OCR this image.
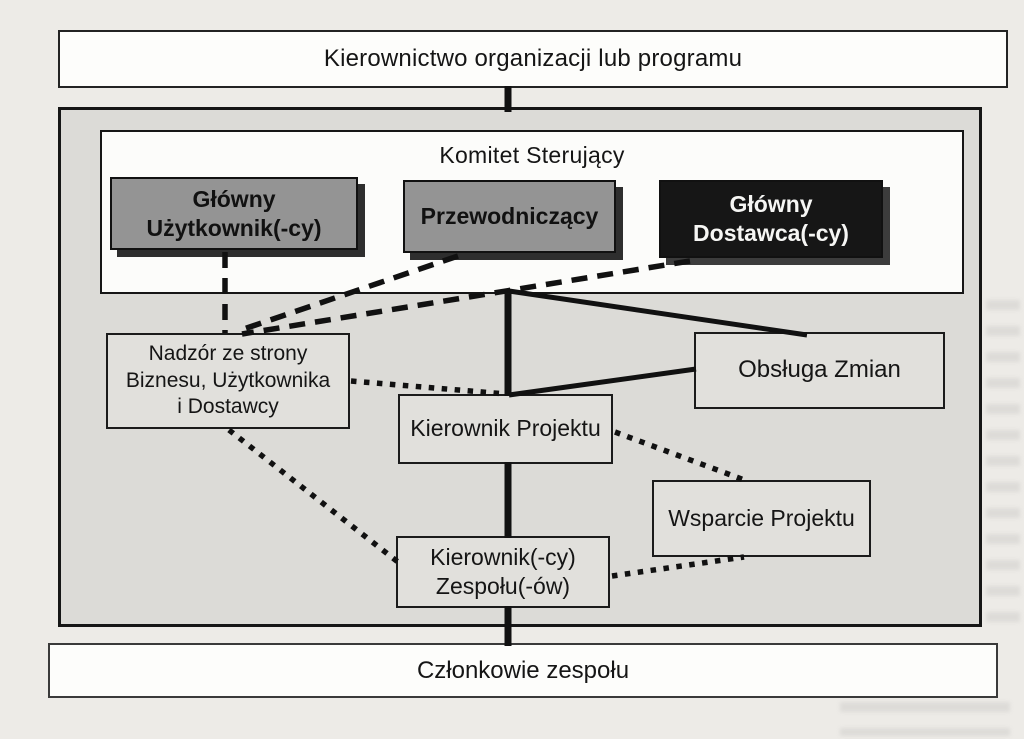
Kierownictwo organizacji lub programu
Komitet Sterujący
Główny
Użytkownik(-cy)	Przewodniczący	Główny
Dostawca(-cy)
Nadzór ze strony
Biznesu, Użytkownika
i Dostawcy
Obsługa Zmian
Kierownik Projektu
Wsparcie Projektu
Kierownik(-cy)
Zespołu(-ów)
Członkowie zespołu
